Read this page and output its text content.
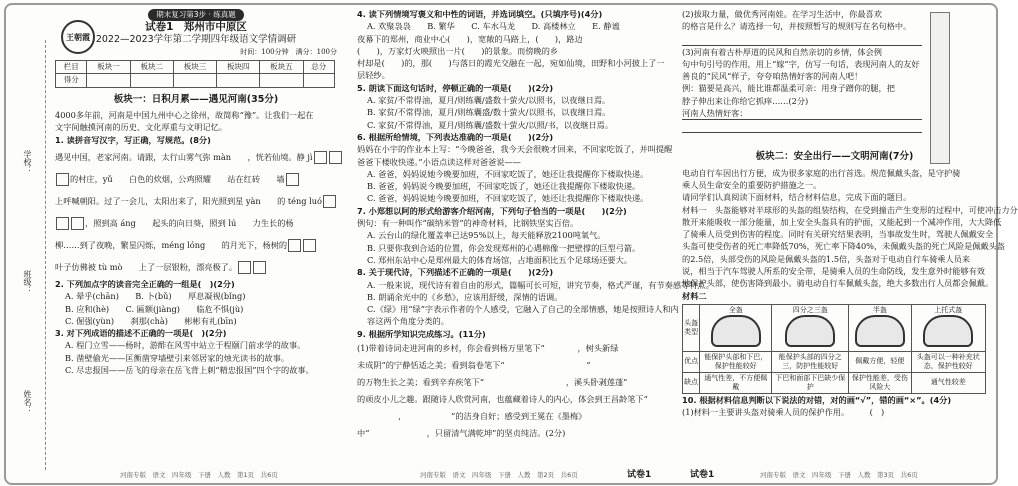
学校：
班级：
姓名：
王朝霞
期末复习第3步 · 练真题
试卷1　郑州市中原区
2022—2023学年第二学期四年级语文学情调研
时间：100分钟　满分：100分
栏目	板块一	板块二	板块三	板块四	板块五	总分
得分						
板块一：日积月累——遇见河南(35分)

4000多年前，河南是中国九州中心之徐州，故简称“豫”。让我们一起在

文字间触摸河南的历史、文化厚重与文明记忆。

1. 读拼音写汉字，写正确，写规范。(8分)

遇见中国，老家河南。请跟，太行山雾气弥 màn　　，恍若仙境。静 jì

的村庄，yǔ　　白色的炊烟，公鸡照耀　　站在红砖　　墙

上呼喊朝阳。过了一会儿，太阳出来了，阳光照到星 yàn　　的 téng luó

，照到高 áng　　起头的向日葵，照到 lú　　力生长的杨

柳……到了夜晚，繁星闪烁，méng lóng　　的月光下，杨树的

叶子仿佛被 tù mò　　上了一层银粉，漂亮极了。

2. 下列加点字的读音完全正确的一组是(　)(2分)

A. 晕乎(chān)　　B. 卜(bǔ)　　厚息凝视(bǐng)

B. 应和(hè)　　C. 匾额(jiàng)　　临危不惧(jù)

C. 倔强(yùn)　　刹那(chà)　　彬彬有礼(bīn)

3. 对下列成语的描述不正确的一项是(　)(2分)

A. 程门立雪——杨时，游酢在风雪中站立于程颐门前求学的故事。

B. 凿壁偷光——匡衡凿穿墙壁引来邻居家的烛光读书的故事。

C. 尽忠报国——岳飞的母亲在岳飞背上刺“精忠报国”四个字的故事。

4. 读下列情境写褒义和中性的词语，并选词填空。(只填序号)(4分)

A. 欢聚袅袅　　B. 繁华　　C. 车水马龙　　D. 高楼林立　　E. 静谧

夜幕下的郑州，商业中心(　　)，宽敞的马路上，(　　)，路边

(　　)，万家灯火映照出一片(　　)的景象。而傍晚的乡

村却是(　　)的，那(　　)与落日的霞光交融在一起，宛如仙境，田野和小河披上了一

层轻纱。

5. 朗读下面这句话时，停顿正确的一项是(　　)(2分)

A. 家贫/不常得油，夏月/则练囊/盛数十萤火/以照书，以夜继日焉。

B. 家贫/不常得油，夏月/则练囊盛/数十萤火/以照书，以夜继日焉。

C. 家贫/不常得油，夏月/则练囊/盛数十萤火/以照/书，以夜继日焉。

6. 根据所给情境，下列表达准确的一项是(　　)(2分)

妈妈在小宇的作业本上写：“今晚爸爸，我今天会很晚才回来，不回家吃饭了，并叫提醒

爸爸下楼收快递。”小语点读这样对爸爸说——

A. 爸爸，妈妈说她今晚要加班，不回家吃饭了，她还让我提醒你下楼取快递。

B. 爸爸，妈妈说今晚要加班，不回家吃饭了，她还让我提醒你下楼取快递。

C. 爸爸，妈妈说她今晚要加班，不回家吃饭了，她还让我提醒你下楼取快递。

7. 小郑想以阿的形式给游客介绍河南，下列句子恰当的一项是(　　)(2分)

例句：有一种叫作“碳纳米管”的神奇材料，比钢铁坚实百倍。

A. 云台山的绿化覆盖率已达95%以上，每天能释放2100吨氧气。

B. 只要你我到合适的位置，你会发现郑州的心遇棉像一把壁撑的巨型弓箭。

C. 郑州东站中心是郑州最大的体育场馆，占地面积比五个足球场还要大。

8. 关于现代诗，下列描述不正确的一项是(　　)(2分)

A. 一般来说，现代诗有着自由的形式，篇幅可长可短，讲究节奏，格式严谨，有节奏感等特点。

B. 朗诵余光中的《乡愁》，应该用舒缓，深情的语调。

C.《绿》用“绿”字表示作者的个人感受，它融入了自己的全部情感，她是按照诗人和内

容这两个角度分类的。

9. 根据所学知识完成练习。(11分)

(1)带着诗词走进河南的乡村，你会看到杨万里笔下“　　　　，树头新绿

未成阴”的宁静恬适之美；看到翁卷笔下“　　　　　　　　　　”

的万物生长之美；看到辛弃疾笔下“　　　　　　　　　　，溪头卧剥莲蓬”

的顽皮小儿之趣。跟随诗人欣赏河南，也蕴藏着诗人的内心，体会到王昌龄笔下“

　　　　　，　　　　　　”的洁身自好；感受到王冕在《墨梅》

中“　　　　　　　，只留清气满乾坤”的坚贞纯洁。(2分)

(2)拔取力量，做优秀河南娃。在学习生活中，你最喜欢

的格言是什么？请选择一句，并按照暂写的规则写在名句格中。

(3)河南有着古朴厚道的民风和自然亲切的乡情，体会例

句中句引号的作用，用上“嫁”字，仿写一句话，表现河南人的友好

善良的“民风“样子，夸夸咱热情好客的河南人吧！

例：猫要是高兴，能比谁都温柔可亲：用身子蹭你的腿，把

脖子伸出来让你给它抓痒……(2分)

河南人热情好客：

板块二：安全出行——文明河南(7分)

电动自行车因出行方便，成为很多家庭的出行首选。规范佩戴头盔，是守护骑

乘人员生命安全的重要防护措施之一。

请同学们认真阅读下面材料，结合材料信息，完成下面的题目。

材料一　头盔能够对半球形的头盔的组装结构，在受到撞击产生变形的过程中，可使冲击力分

散开来能吸收一部分能量，加上安全头盔具有的护面，又能起到一个减冲作用，大大降低

了骑乘人员受到伤害的程度。同时有关研究结果表明，当事故发生时，驾驶人佩戴安全

头盔可使受伤者的死亡率降低70%，死亡率下降40%，未佩戴头盔的死亡风险是佩戴头盔

的2.5倍，头部受伤的风险是佩戴头盔的1.5倍，头盔对于电动自行车骑乘人员来

说，相当于汽车驾驶人所系的安全带，是骑乘人员的生命防线，发生意外时能够有效

地保护头部，使伤害降到最小。骑电动自行车佩戴头盔，绝大多数出行人员都会佩戴。

材料二

头盔类型	全盔	四分之三盔	半盔	上托式盔

优点	能保护头部和下巴，保护性能较好	能保护头部的四分之三，防护性能较好	佩戴方便，轻便	头盔可以一种补充状态，保护性较好
缺点	通气性差，不方便佩戴	下巴和面部下巴缺少保护	保护性能差，受伤风险大	通气性较差

10. 根据材料信息判断以下说法的对错，对的画“√”，错的画“×”。(4分)

(1)材料一主要讲头盔对骑乘人员的保护作用。　　　(　)

河南专版　语文　四年级　下册　人教　第1页　共6页	河南专版　语文　四年级　下册　人教　第2页　共6页	河南专版　语文　四年级　下册　人教　第3页　共6页
试卷1	试卷1
